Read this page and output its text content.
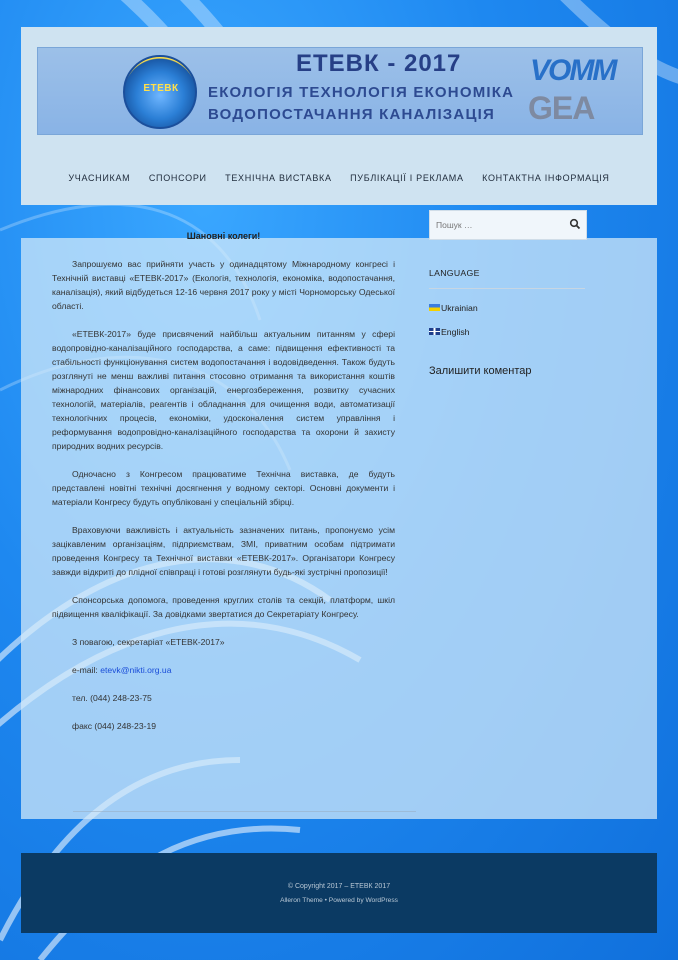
ЕТЕВК
ЕТЕВК - 2017
ЕКОЛОГІЯ ТЕХНОЛОГІЯ ЕКОНОМІКА
ВОДОПОСТАЧАННЯ КАНАЛІЗАЦІЯ
VOMM
GEA
УЧАСНИКАМ СПОНСОРИ ТЕХНІЧНА ВИСТАВКА ПУБЛІКАЦІЇ І РЕКЛАМА КОНТАКТНА ІНФОРМАЦІЯ
© Copyright 2017 – ЕТЕВК 2017
Alleron Theme • Powered by WordPress
Шановні колеги!

Запрошуємо вас прийняти участь у одинадцятому Міжнародному конгресі і Технічній виставці «ЕТЕВК-2017» (Екологія, технологія, економіка, водопостачання, каналізація), який відбудеться 12-16 червня 2017 року у місті Чорноморську Одеської області.

«ЕТЕВК-2017» буде присвячений найбільш актуальним питанням у сфері водопровідно-каналізаційного господарства, а саме: підвищення ефективності та стабільності функціонування систем водопостачання і водовідведення. Також будуть розглянуті не менш важливі питання стосовно отримання та використання коштів міжнародних фінансових організацій, енергозбереження, розвитку сучасних технологій, матеріалів, реагентів і обладнання для очищення води, автоматизації технологічних процесів, економіки, удосконалення систем управління і реформування водопровідно-каналізаційного господарства та охорони й захисту природних водних ресурсів.

Одночасно з Конгресом працюватиме Технічна виставка, де будуть представлені новітні технічні досягнення у водному секторі. Основні документи і матеріали Конгресу будуть опубліковані у спеціальній збірці.

Враховуючи важливість і актуальність зазначених питань, пропонуємо усім зацікавленим організаціям, підприємствам, ЗМІ, приватним особам підтримати проведення Конгресу та Технічної виставки «ЕТЕВК-2017». Організатори Конгресу завжди відкриті до плідної співпраці і готові розглянути будь-які зустрічні пропозиції!

Спонсорська допомога, проведення круглих столів та секцій, платформ, шкіл підвищення кваліфікації. За довідками звертатися до Секретаріату Конгресу.

З повагою, секретаріат «ЕТЕВК-2017»

e-mail: etevk@nikti.org.ua

тел. (044) 248-23-75

факс (044) 248-23-19

Пошук …
LANGUAGE
Ukrainian
English
Залишити коментар
